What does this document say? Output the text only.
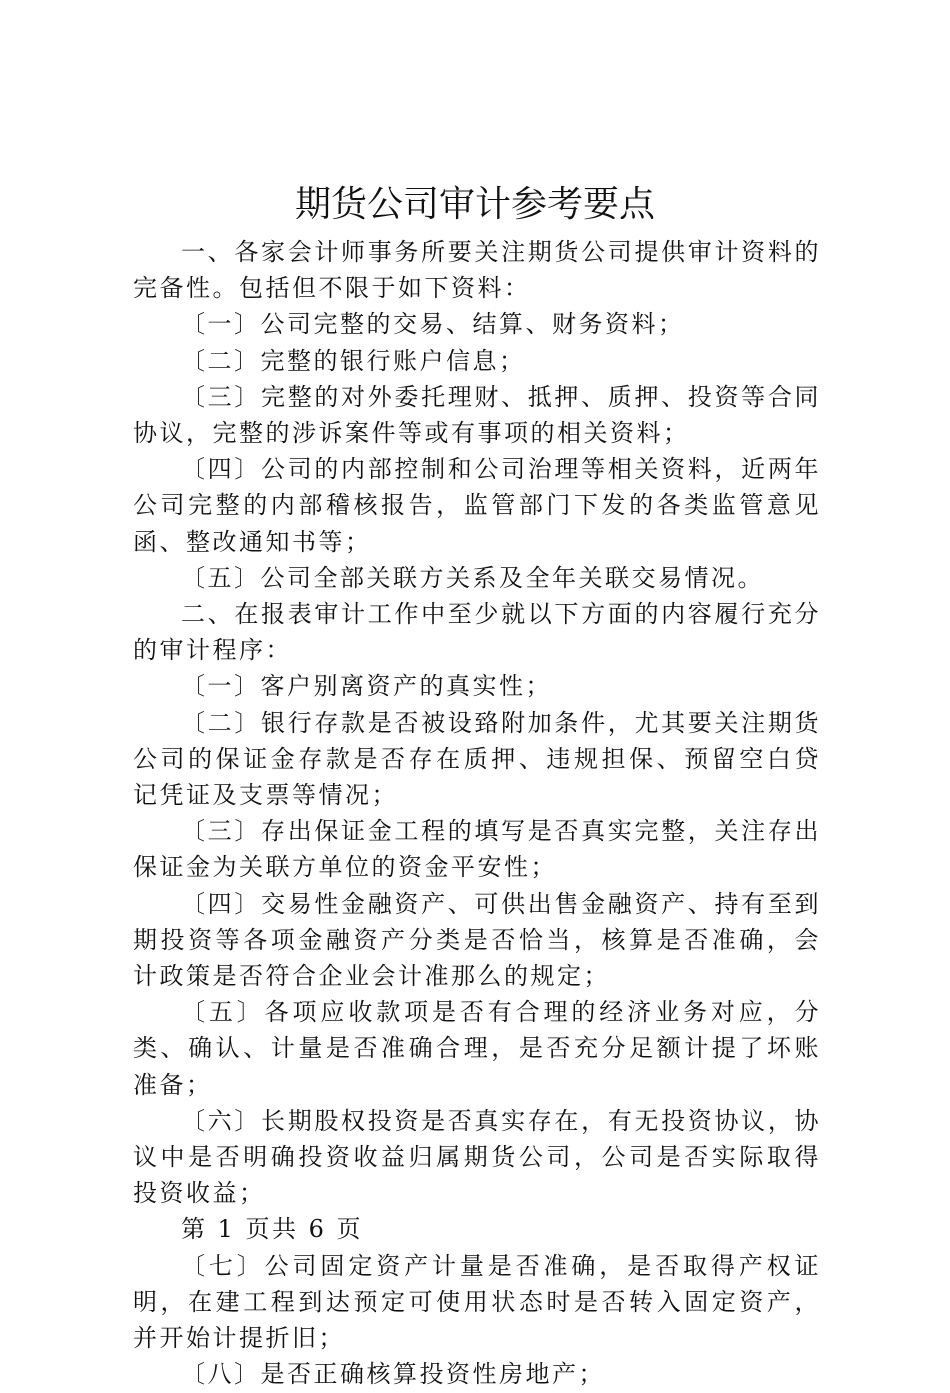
期货公司审计参考要点

一、各家会计师事务所要关注期货公司提供审计资料的完备性。包括但不限于如下资料：

〔一〕公司完整的交易、结算、财务资料；

〔二〕完整的银行账户信息；

〔三〕完整的对外委托理财、抵押、质押、投资等合同协议，完整的涉诉案件等或有事项的相关资料；

〔四〕公司的内部控制和公司治理等相关资料，近两年公司完整的内部稽核报告，监管部门下发的各类监管意见函、整改通知书等；

〔五〕公司全部关联方关系及全年关联交易情况。

二、在报表审计工作中至少就以下方面的内容履行充分的审计程序：

〔一〕客户别离资产的真实性；

〔二〕银行存款是否被设臵附加条件，尤其要关注期货公司的保证金存款是否存在质押、违规担保、预留空白贷记凭证及支票等情况；

〔三〕存出保证金工程的填写是否真实完整，关注存出保证金为关联方单位的资金平安性；

〔四〕交易性金融资产、可供出售金融资产、持有至到期投资等各项金融资产分类是否恰当，核算是否准确，会计政策是否符合企业会计准那么的规定；

〔五〕各项应收款项是否有合理的经济业务对应，分类、确认、计量是否准确合理，是否充分足额计提了坏账准备；

〔六〕长期股权投资是否真实存在，有无投资协议，协议中是否明确投资收益归属期货公司，公司是否实际取得投资收益；

第 1 页共 6 页

〔七〕公司固定资产计量是否准确，是否取得产权证明，在建工程到达预定可使用状态时是否转入固定资产，并开始计提折旧；

〔八〕是否正确核算投资性房地产；
